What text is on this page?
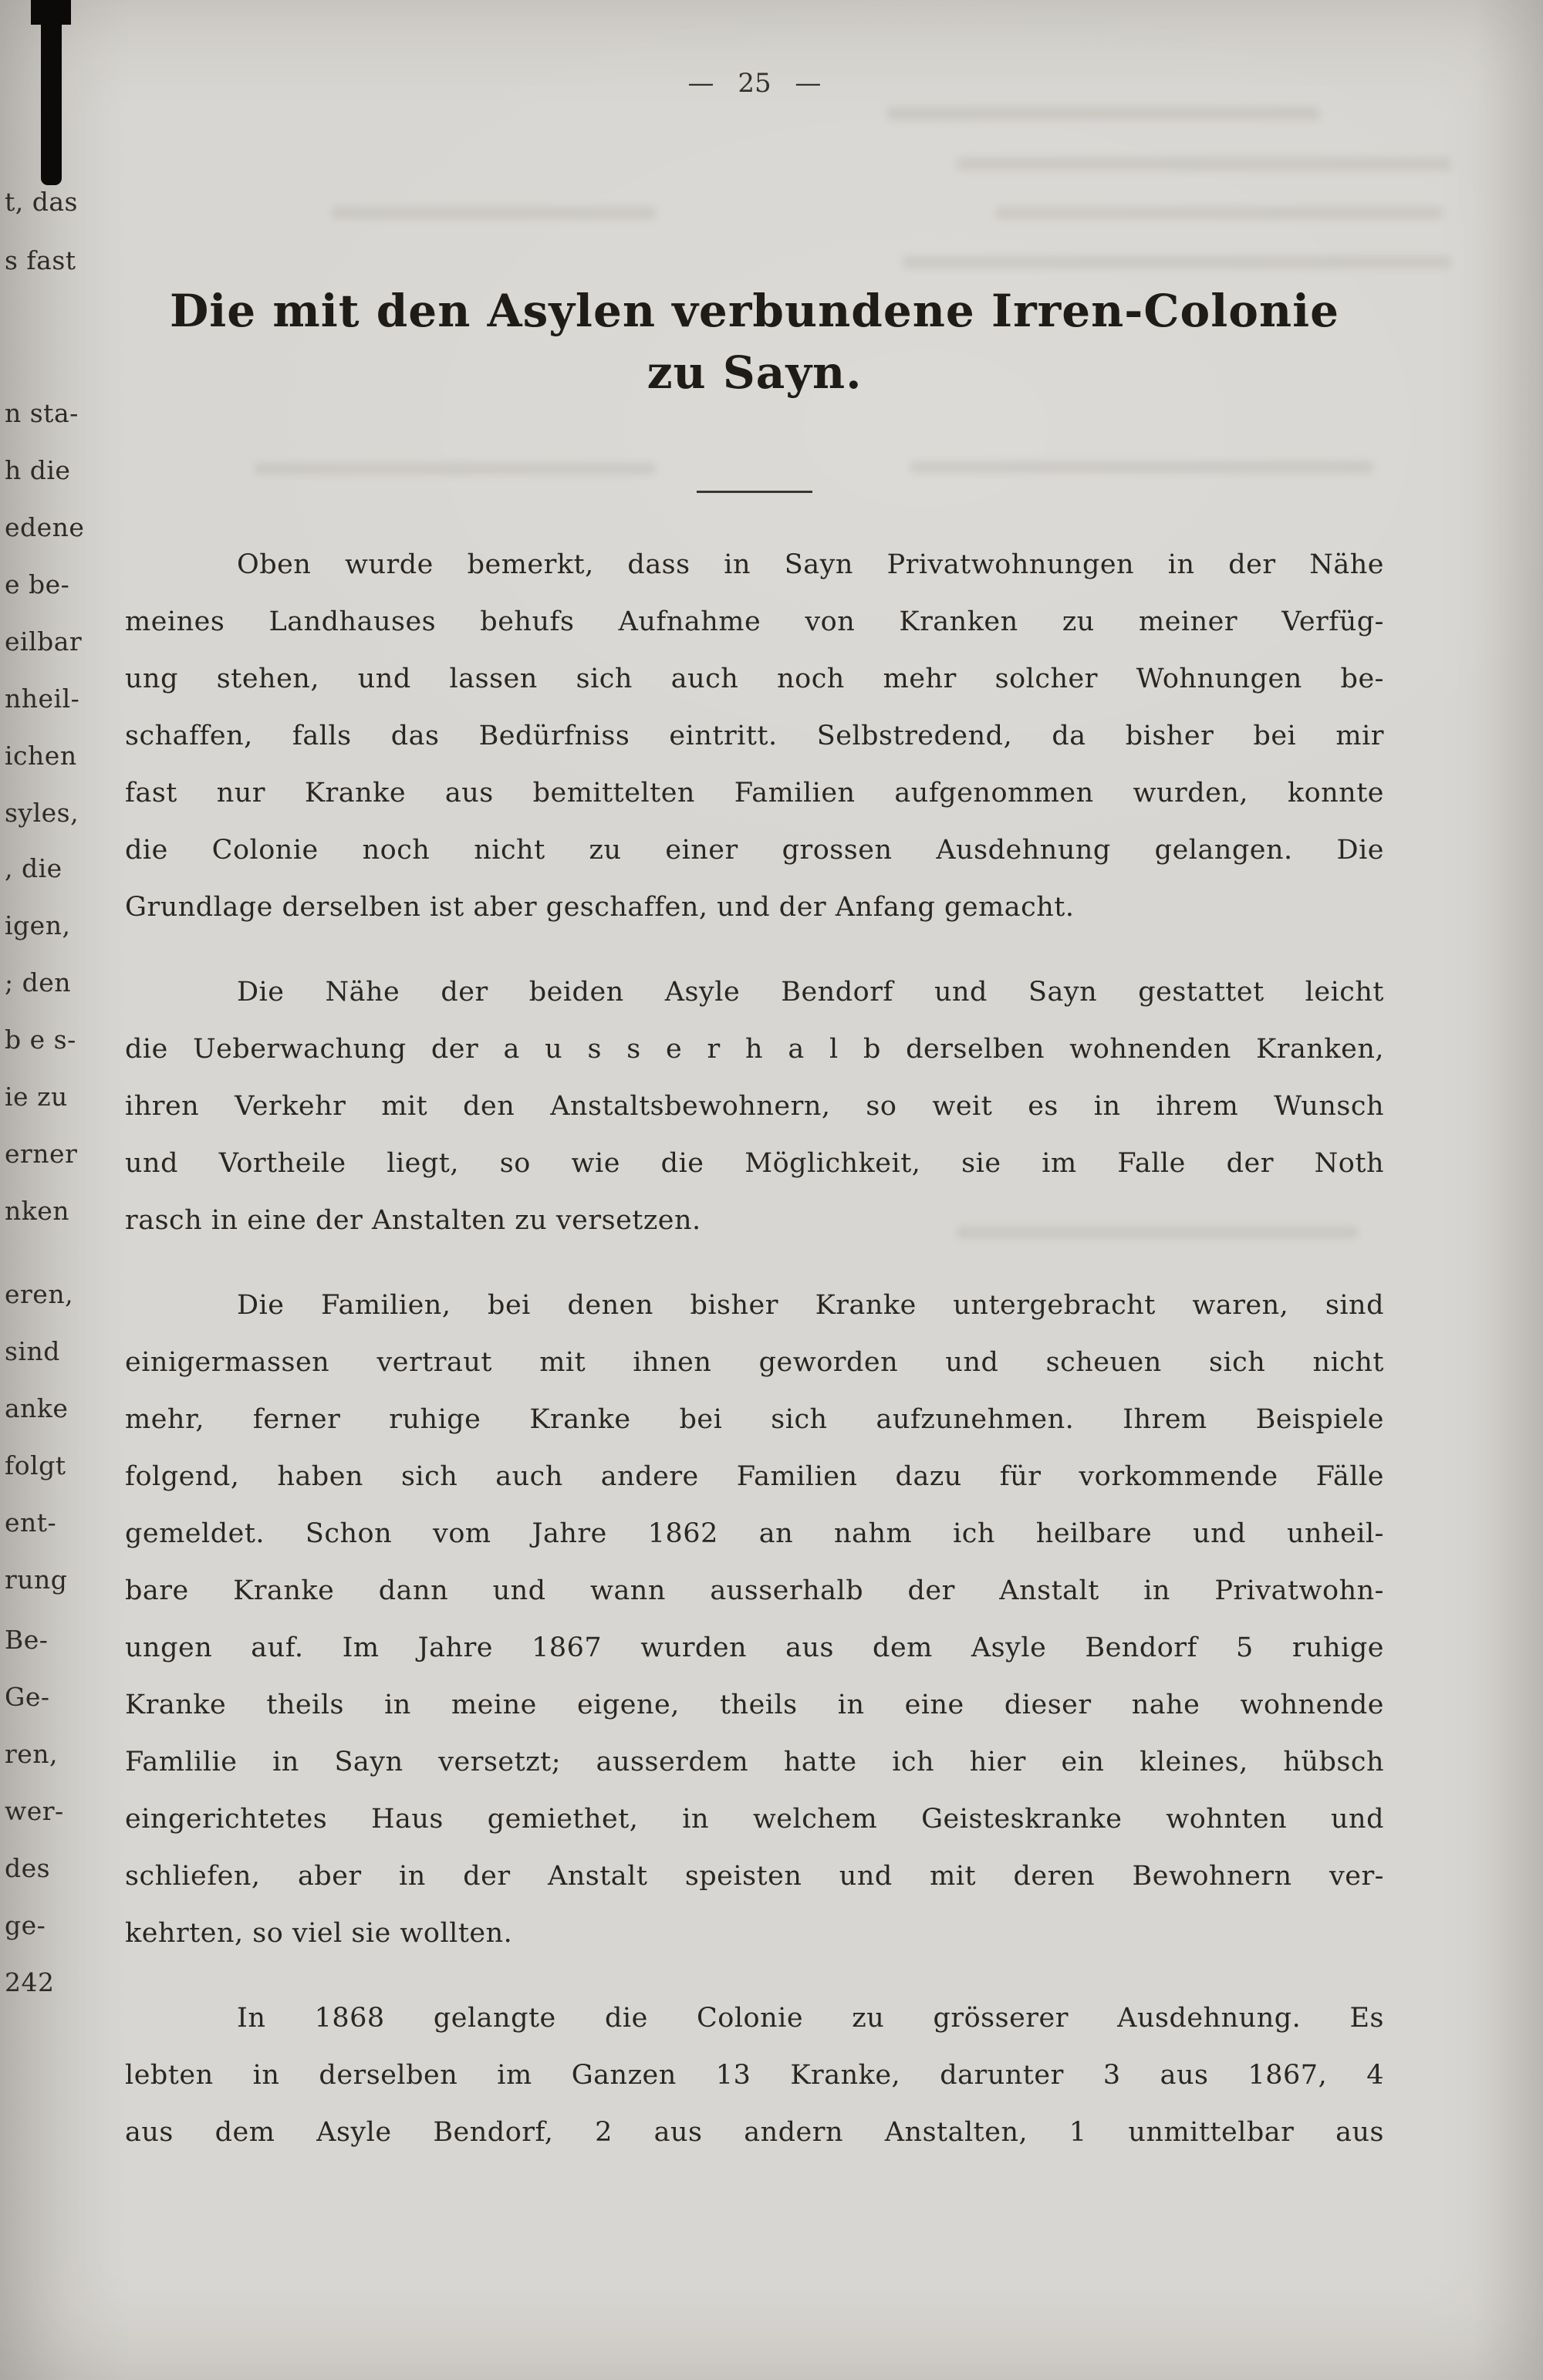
t, das
s fast
n sta-
h die
edene
e be-
eilbar
nheil-
ichen
syles,
, die
igen,
; den
b e s-
ie zu
erner
nken
eren,
sind
anke
folgt
ent-
rung
Be-
Ge-
ren,
wer-
des
ge-
242
— 25 —
Die mit den Asylen verbundene Irren-Colonie
zu Sayn.
Oben wurde bemerkt, dass in Sayn Privatwohnungen in der Nähe
meines Landhauses behufs Aufnahme von Kranken zu meiner Verfüg-
ung stehen, und lassen sich auch noch mehr solcher Wohnungen be-
schaffen, falls das Bedürfniss eintritt. Selbstredend, da bisher bei mir
fast nur Kranke aus bemittelten Familien aufgenommen wurden, konnte
die Colonie noch nicht zu einer grossen Ausdehnung gelangen. Die
Grundlage derselben ist aber geschaffen, und der Anfang gemacht.
Die Nähe der beiden Asyle Bendorf und Sayn gestattet leicht
die Ueberwachung der a u s s e r h a l b derselben wohnenden Kranken,
ihren Verkehr mit den Anstaltsbewohnern, so weit es in ihrem Wunsch
und Vortheile liegt, so wie die Möglichkeit, sie im Falle der Noth
rasch in eine der Anstalten zu versetzen.
Die Familien, bei denen bisher Kranke untergebracht waren, sind
einigermassen vertraut mit ihnen geworden und scheuen sich nicht
mehr, ferner ruhige Kranke bei sich aufzunehmen. Ihrem Beispiele
folgend, haben sich auch andere Familien dazu für vorkommende Fälle
gemeldet. Schon vom Jahre 1862 an nahm ich heilbare und unheil-
bare Kranke dann und wann ausserhalb der Anstalt in Privatwohn-
ungen auf. Im Jahre 1867 wurden aus dem Asyle Bendorf 5 ruhige
Kranke theils in meine eigene, theils in eine dieser nahe wohnende
Famlilie in Sayn versetzt; ausserdem hatte ich hier ein kleines, hübsch
eingerichtetes Haus gemiethet, in welchem Geisteskranke wohnten und
schliefen, aber in der Anstalt speisten und mit deren Bewohnern ver-
kehrten, so viel sie wollten.
In 1868 gelangte die Colonie zu grösserer Ausdehnung. Es
lebten in derselben im Ganzen 13 Kranke, darunter 3 aus 1867, 4
aus dem Asyle Bendorf, 2 aus andern Anstalten, 1 unmittelbar aus
